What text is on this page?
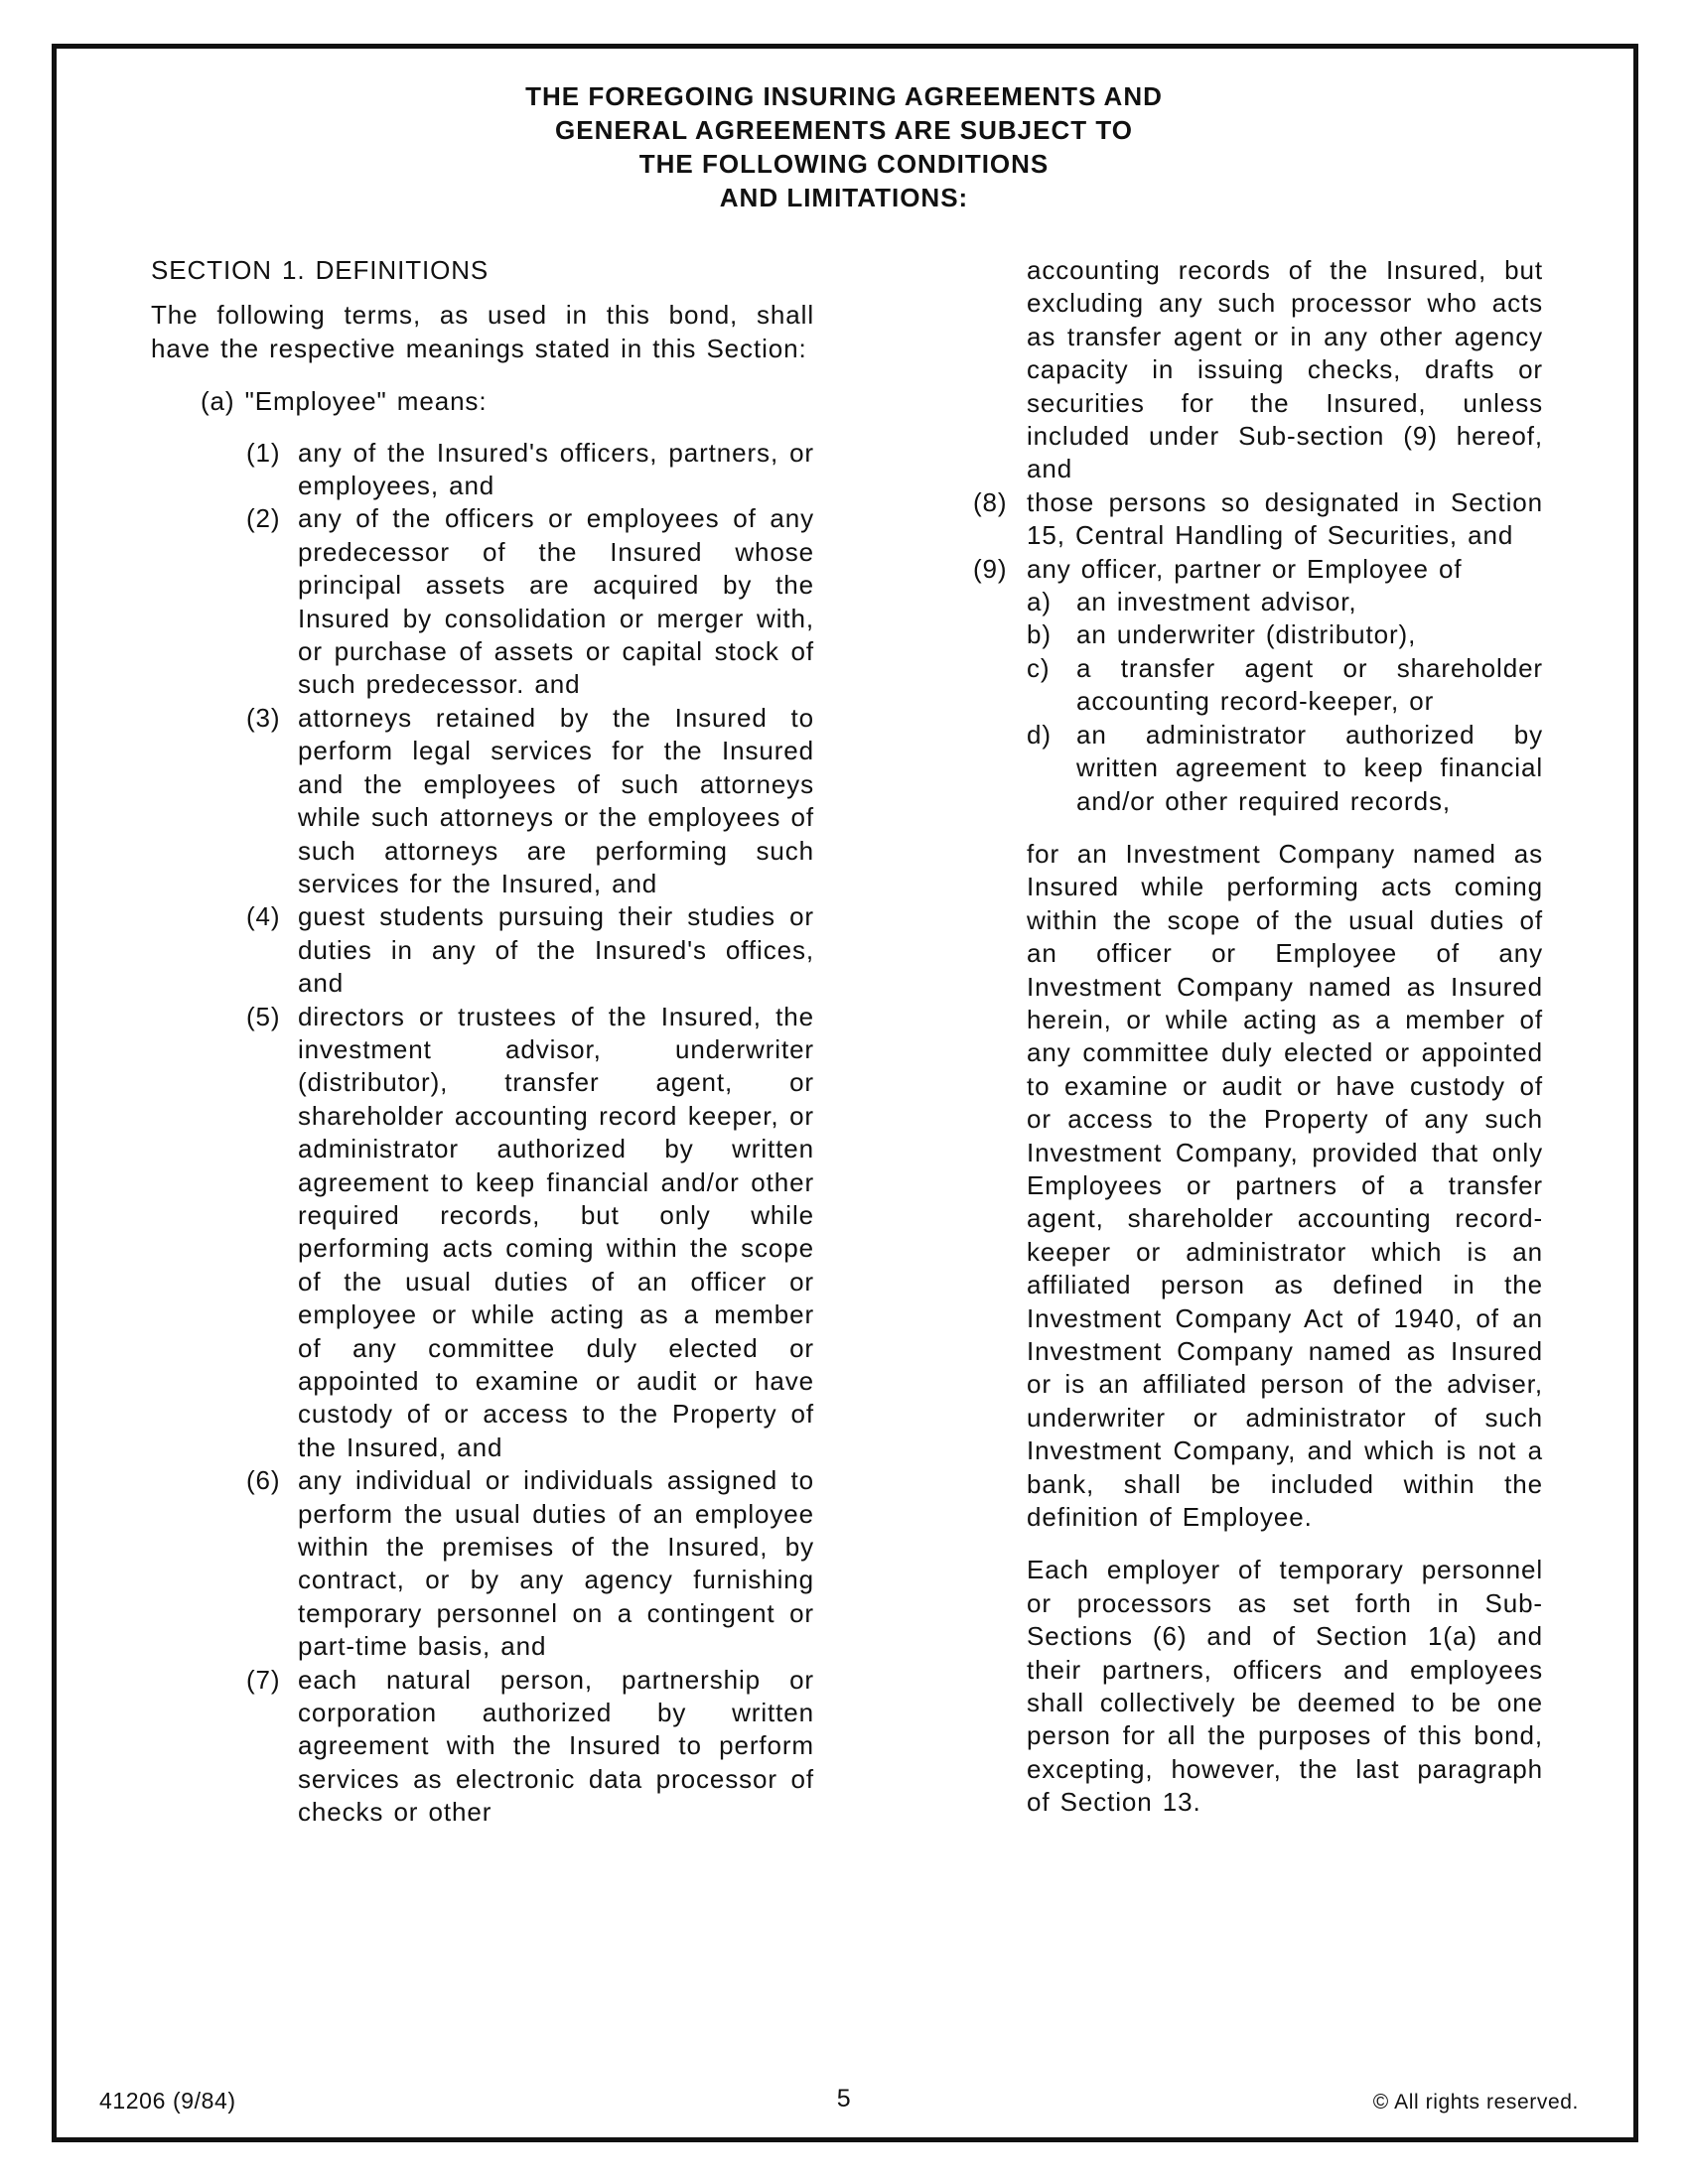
THE FOREGOING INSURING AGREEMENTS AND
GENERAL AGREEMENTS ARE SUBJECT TO
THE FOLLOWING CONDITIONS
AND LIMITATIONS:
SECTION 1. DEFINITIONS
The following terms, as used in this bond, shall have the respective meanings stated in this Section:
(a) "Employee" means:
(1) any of the Insured's officers, partners, or employees, and
(2) any of the officers or employees of any predecessor of the Insured whose principal assets are acquired by the Insured by consolidation or merger with, or purchase of assets or capital stock of such predecessor. and
(3) attorneys retained by the Insured to perform legal services for the Insured and the employees of such attorneys while such attorneys or the employees of such attorneys are performing such services for the Insured, and
(4) guest students pursuing their studies or duties in any of the Insured's offices, and
(5) directors or trustees of the Insured, the investment advisor, underwriter (distributor), transfer agent, or shareholder accounting record keeper, or administrator authorized by written agreement to keep financial and/or other required records, but only while performing acts coming within the scope of the usual duties of an officer or employee or while acting as a member of any committee duly elected or appointed to examine or audit or have custody of or access to the Property of the Insured, and
(6) any individual or individuals assigned to perform the usual duties of an employee within the premises of the Insured, by contract, or by any agency furnishing temporary personnel on a contingent or part-time basis, and
(7) each natural person, partnership or corporation authorized by written agreement with the Insured to perform services as electronic data processor of checks or other
accounting records of the Insured, but excluding any such processor who acts as transfer agent or in any other agency capacity in issuing checks, drafts or securities for the Insured, unless included under Sub-section (9) hereof, and
(8) those persons so designated in Section 15, Central Handling of Securities, and
(9) any officer, partner or Employee of
a) an investment advisor,
b) an underwriter (distributor),
c) a transfer agent or shareholder accounting record-keeper, or
d) an administrator authorized by written agreement to keep financial and/or other required records,
for an Investment Company named as Insured while performing acts coming within the scope of the usual duties of an officer or Employee of any Investment Company named as Insured herein, or while acting as a member of any committee duly elected or appointed to examine or audit or have custody of or access to the Property of any such Investment Company, provided that only Employees or partners of a transfer agent, shareholder accounting record-keeper or administrator which is an affiliated person as defined in the Investment Company Act of 1940, of an Investment Company named as Insured or is an affiliated person of the adviser, underwriter or administrator of such Investment Company, and which is not a bank, shall be included within the definition of Employee.
Each employer of temporary personnel or processors as set forth in Sub-Sections (6) and of Section 1(a) and their partners, officers and employees shall collectively be deemed to be one person for all the purposes of this bond, excepting, however, the last paragraph of Section 13.
41206 (9/84)	5	© All rights reserved.
